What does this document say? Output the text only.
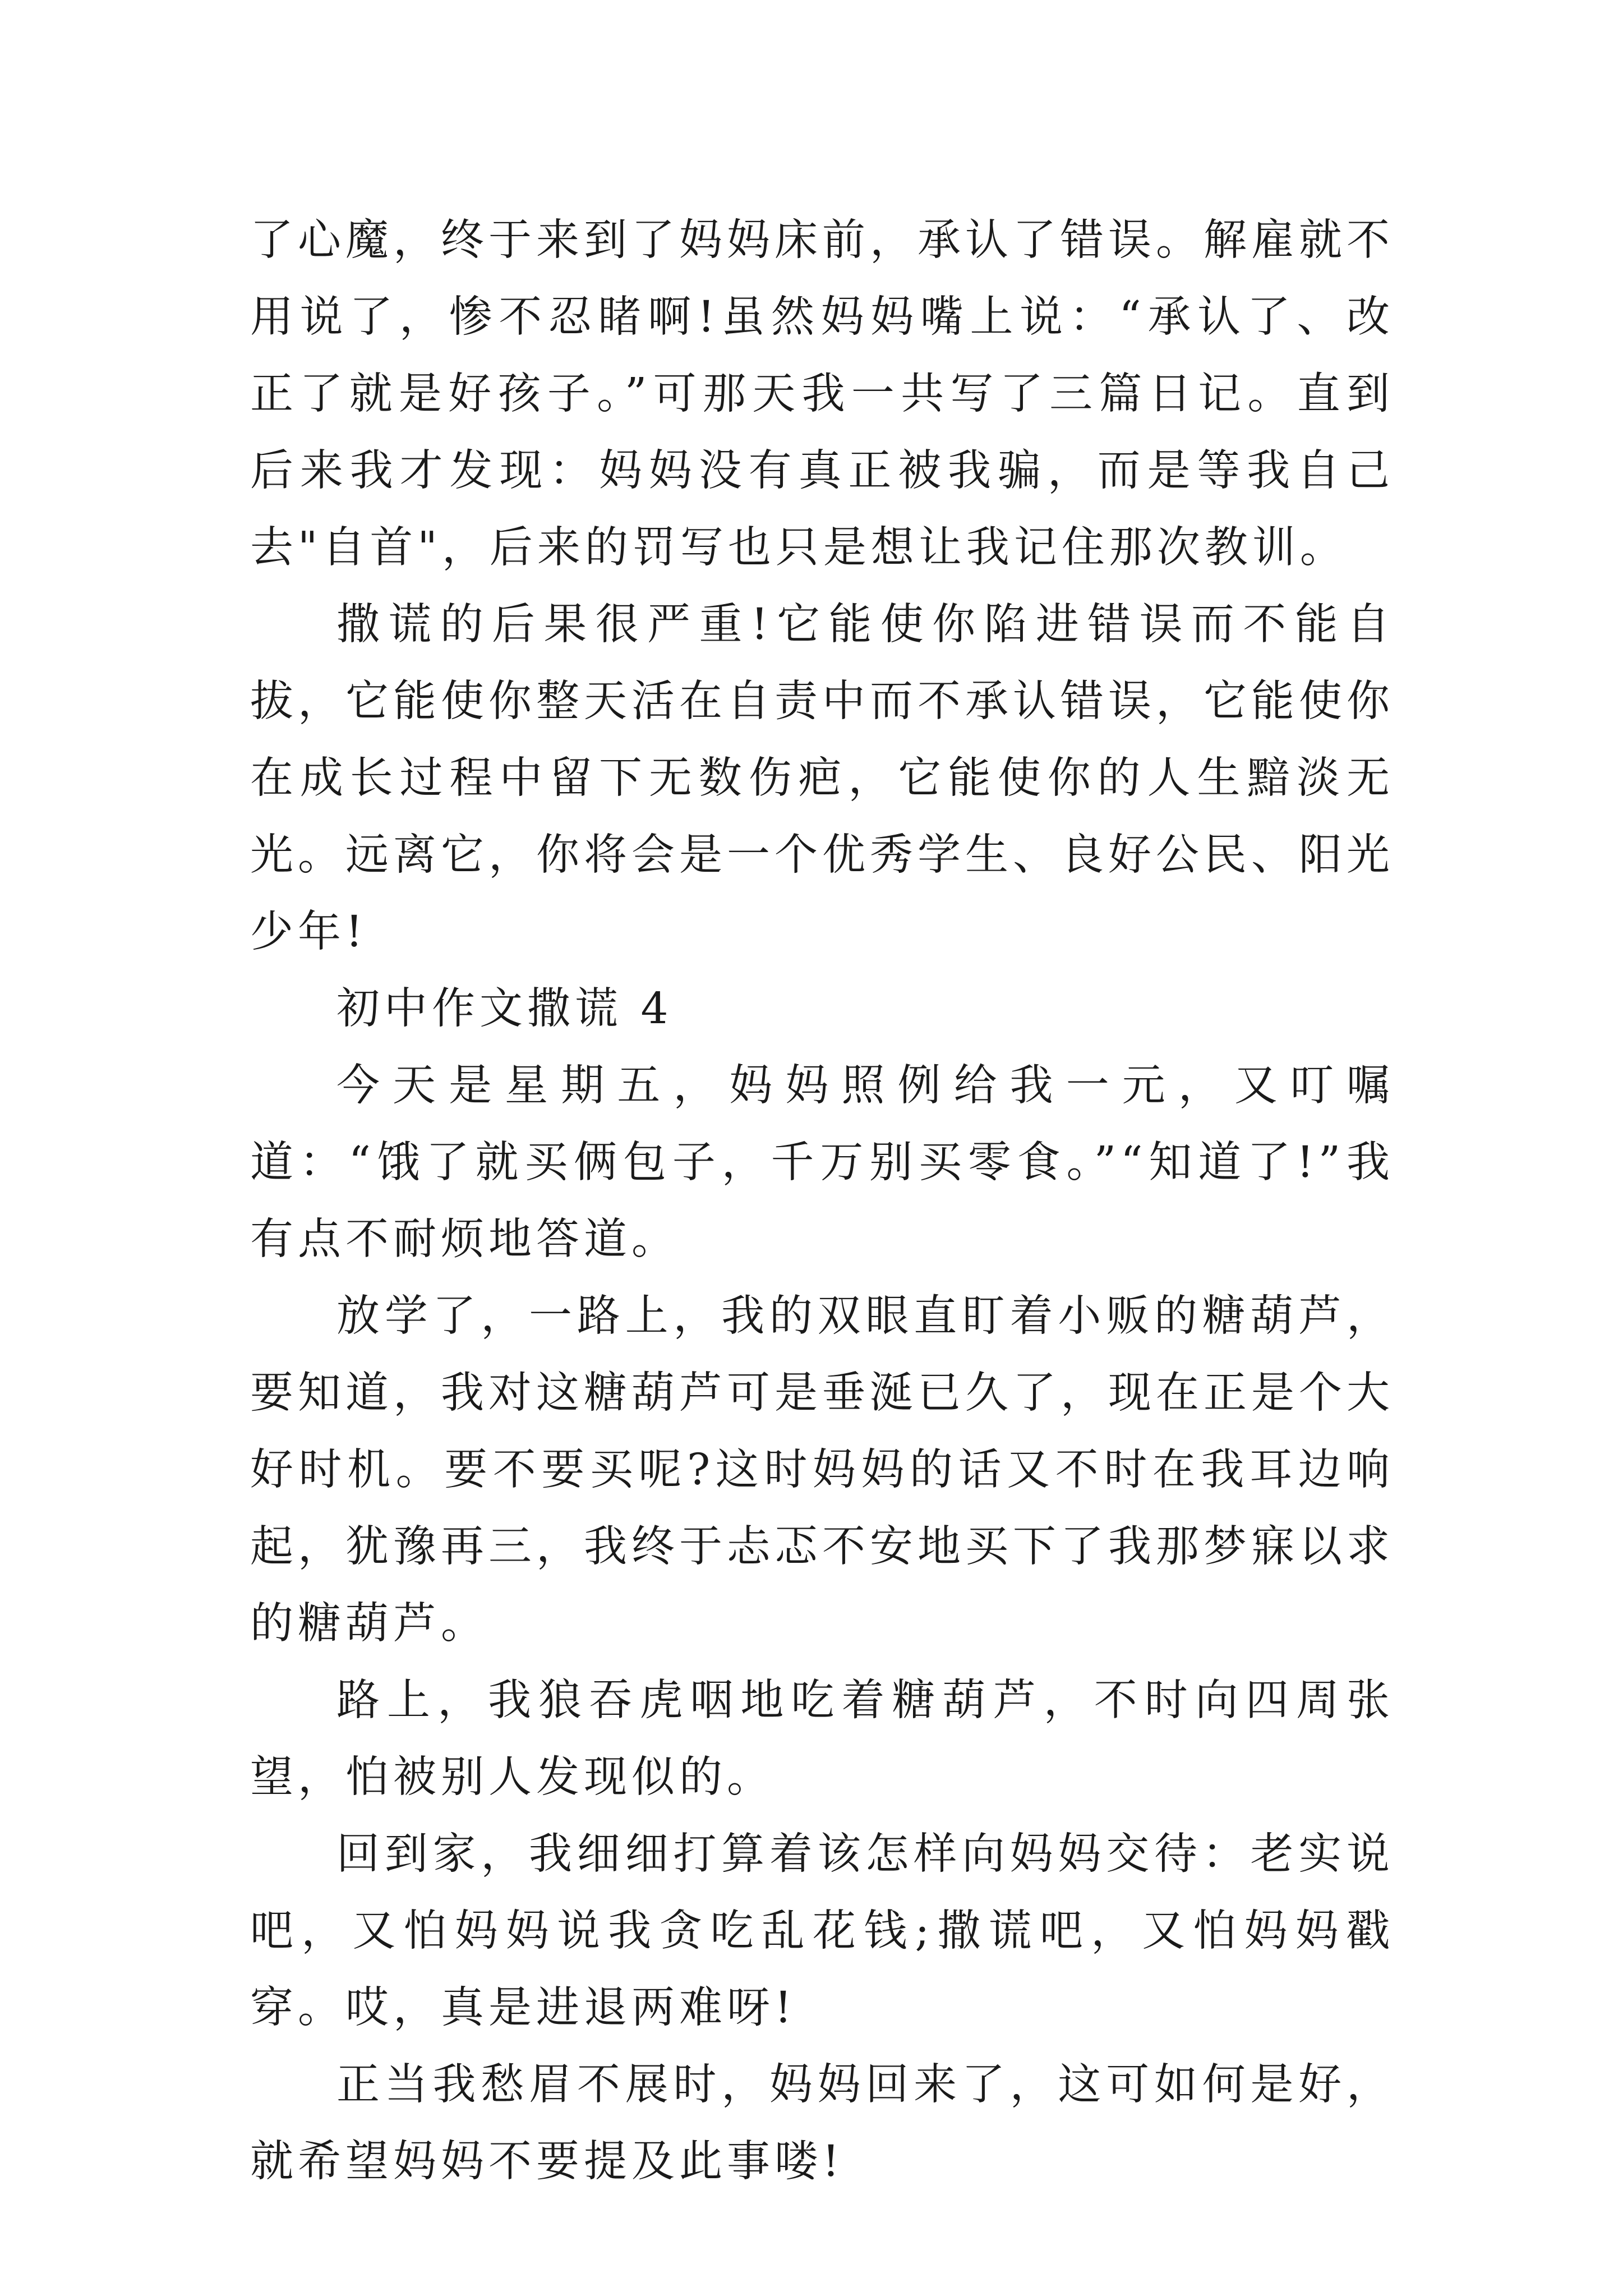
了心魔，终于来到了妈妈床前，承认了错误。解雇就不用说了，惨不忍睹啊!虽然妈妈嘴上说：“承认了、改正了就是好孩子。”可那天我一共写了三篇日记。直到后来我才发现：妈妈没有真正被我骗，而是等我自己去"自首"，后来的罚写也只是想让我记住那次教训。

撒谎的后果很严重!它能使你陷进错误而不能自拔，它能使你整天活在自责中而不承认错误，它能使你在成长过程中留下无数伤疤，它能使你的人生黯淡无光。远离它，你将会是一个优秀学生、良好公民、阳光少年!

初中作文撒谎 4

今天是星期五，妈妈照例给我一元，又叮嘱道：“饿了就买俩包子，千万别买零食。”“知道了!”我有点不耐烦地答道。

放学了，一路上，我的双眼直盯着小贩的糖葫芦，要知道，我对这糖葫芦可是垂涎已久了，现在正是个大好时机。要不要买呢?这时妈妈的话又不时在我耳边响起，犹豫再三，我终于忐忑不安地买下了我那梦寐以求的糖葫芦。

路上，我狼吞虎咽地吃着糖葫芦，不时向四周张望，怕被别人发现似的。

回到家，我细细打算着该怎样向妈妈交待：老实说吧，又怕妈妈说我贪吃乱花钱;撒谎吧，又怕妈妈戳穿。哎，真是进退两难呀!

正当我愁眉不展时，妈妈回来了，这可如何是好，就希望妈妈不要提及此事喽!
